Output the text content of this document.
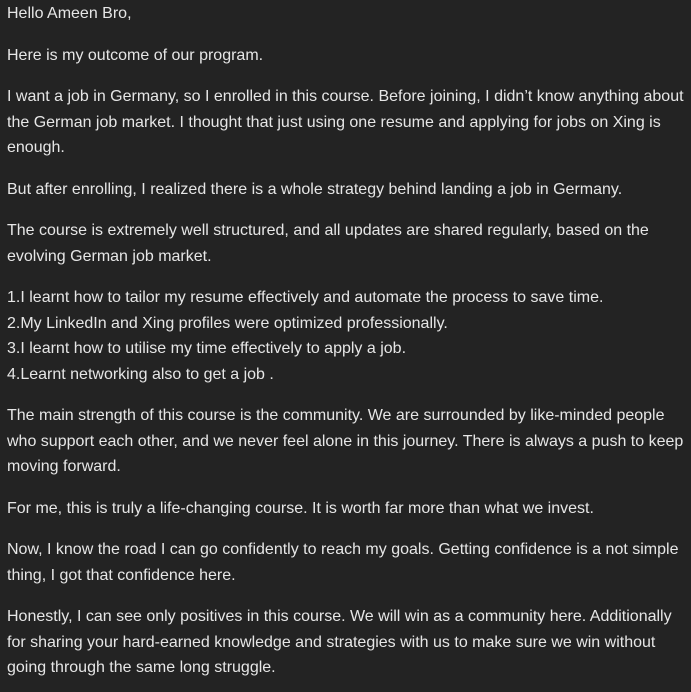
Hello Ameen Bro,

Here is my outcome of our program.

I want a job in Germany, so I enrolled in this course. Before joining, I didn’t know anything about the German job market. I thought that just using one resume and applying for jobs on Xing is enough.

But after enrolling, I realized there is a whole strategy behind landing a job in Germany.

The course is extremely well structured, and all updates are shared regularly, based on the evolving German job market.

1.I learnt how to tailor my resume effectively and automate the process to save time.
2.My LinkedIn and Xing profiles were optimized professionally.
3.I learnt how to utilise my time effectively to apply a job.
4.Learnt networking also to get a job .

The main strength of this course is the community. We are surrounded by like-minded people who support each other, and we never feel alone in this journey. There is always a push to keep moving forward.

For me, this is truly a life-changing course. It is worth far more than what we invest.

Now, I know the road I can go confidently to reach my goals. Getting confidence is a not simple thing, I got that confidence here.

Honestly, I can see only positives in this course. We will win as a community here. Additionally for sharing your hard-earned knowledge and strategies with us to make sure we win without going through the same long struggle.
